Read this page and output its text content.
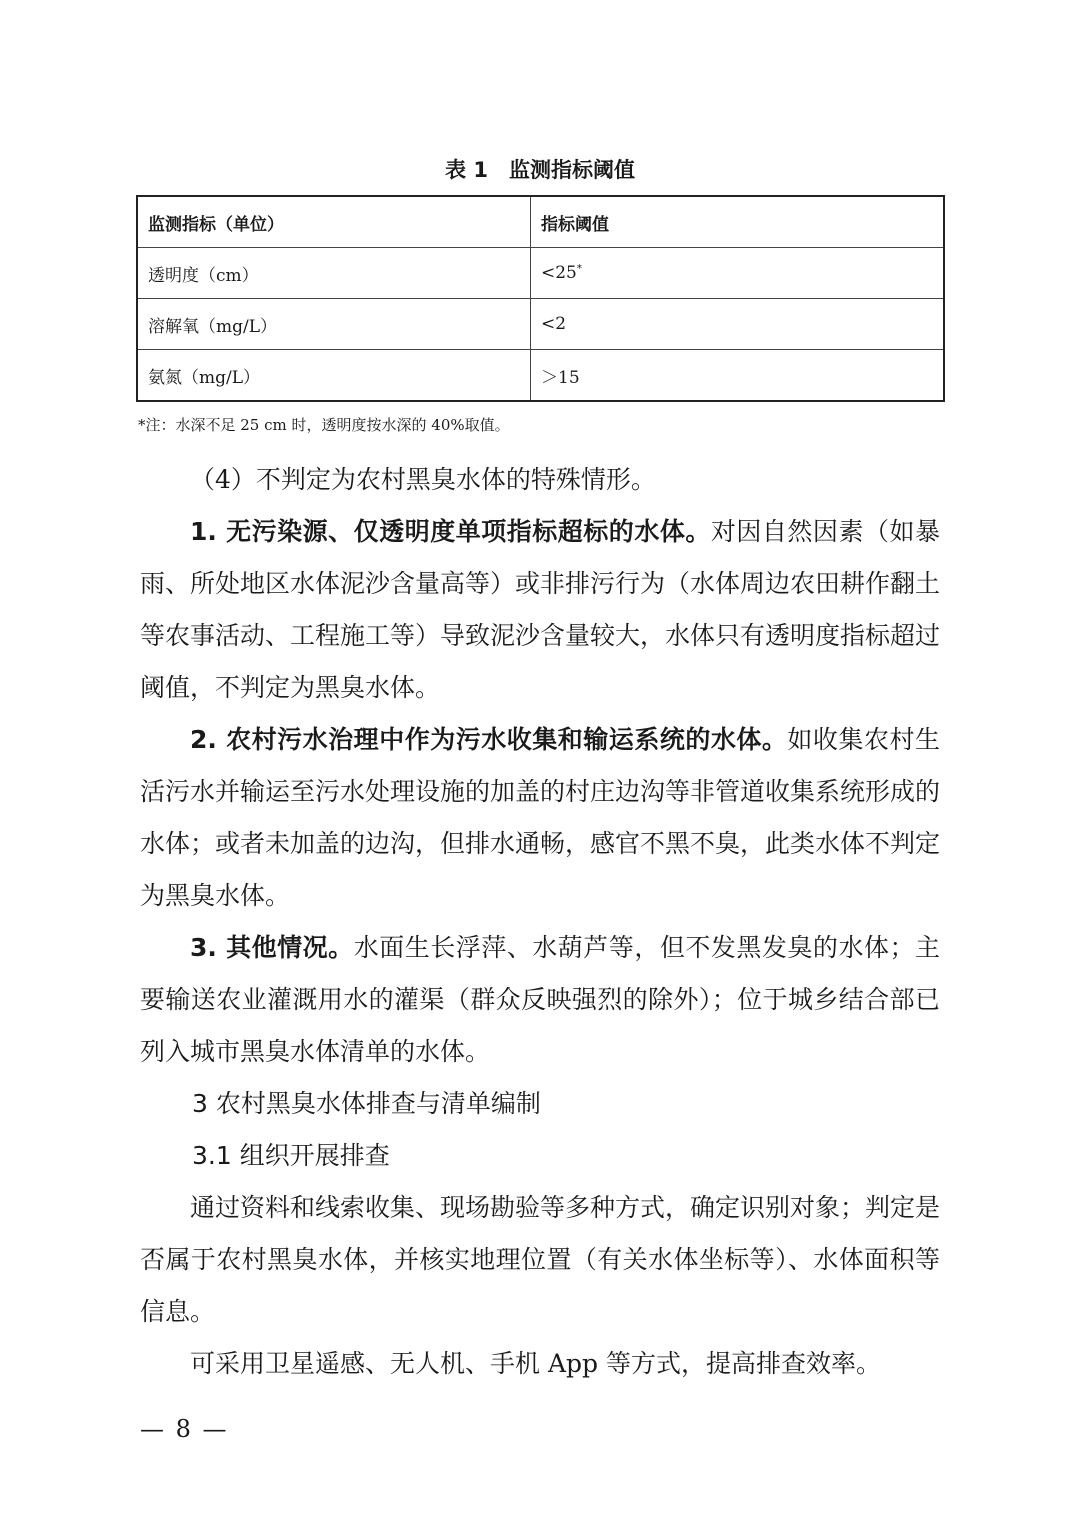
表 1　监测指标阈值
监测指标（单位）	指标阈值
透明度（cm）	<25*
溶解氧（mg/L）	<2
氨氮（mg/L）	＞15
*注：水深不足 25 cm 时，透明度按水深的 40%取值。

（4）不判定为农村黑臭水体的特殊情形。

1. 无污染源、仅透明度单项指标超标的水体。对因自然因素（如暴雨、所处地区水体泥沙含量高等）或非排污行为（水体周边农田耕作翻土等农事活动、工程施工等）导致泥沙含量较大，水体只有透明度指标超过阈值，不判定为黑臭水体。

2. 农村污水治理中作为污水收集和输运系统的水体。如收集农村生活污水并输运至污水处理设施的加盖的村庄边沟等非管道收集系统形成的水体；或者未加盖的边沟，但排水通畅，感官不黑不臭，此类水体不判定为黑臭水体。

3. 其他情况。水面生长浮萍、水葫芦等，但不发黑发臭的水体；主要输送农业灌溉用水的灌渠（群众反映强烈的除外）；位于城乡结合部已列入城市黑臭水体清单的水体。

3 农村黑臭水体排查与清单编制

3.1 组织开展排查

通过资料和线索收集、现场勘验等多种方式，确定识别对象；判定是否属于农村黑臭水体，并核实地理位置（有关水体坐标等）、水体面积等信息。

可采用卫星遥感、无人机、手机 App 等方式，提高排查效率。

— 8 —
